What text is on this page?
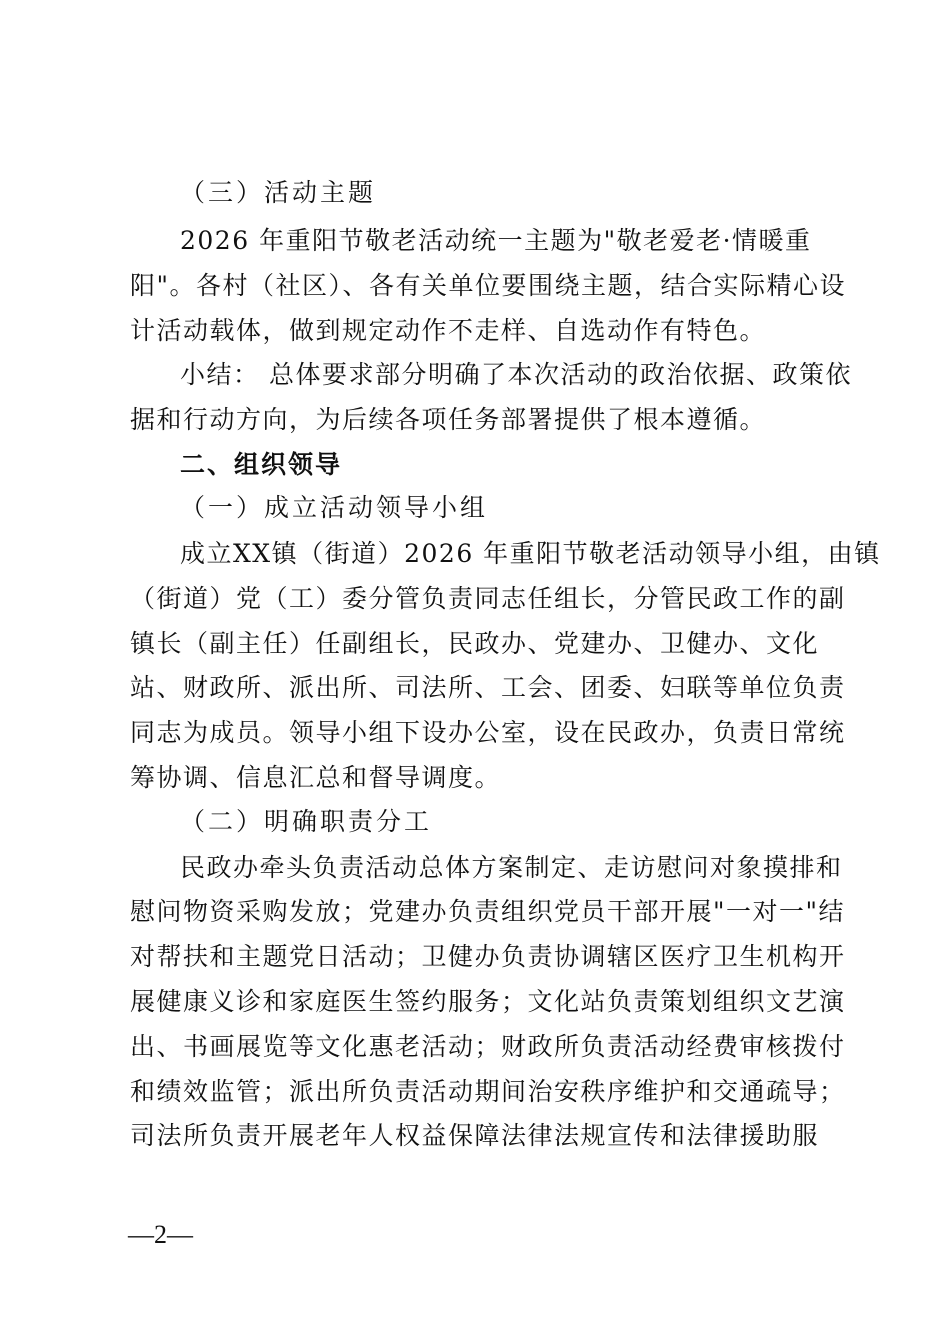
（三）活动主题

2026 年重阳节敬老活动统一主题为"敬老爱老·情暖重

阳"。各村（社区）、各有关单位要围绕主题，结合实际精心设

计活动载体，做到规定动作不走样、自选动作有特色。

小结： 总体要求部分明确了本次活动的政治依据、政策依

据和行动方向，为后续各项任务部署提供了根本遵循。

二、组织领导

（一）成立活动领导小组

成立XX镇（街道）2026 年重阳节敬老活动领导小组，由镇

（街道）党（工）委分管负责同志任组长，分管民政工作的副

镇长（副主任）任副组长，民政办、党建办、卫健办、文化

站、财政所、派出所、司法所、工会、团委、妇联等单位负责

同志为成员。领导小组下设办公室，设在民政办，负责日常统

筹协调、信息汇总和督导调度。

（二）明确职责分工

民政办牵头负责活动总体方案制定、走访慰问对象摸排和

慰问物资采购发放；党建办负责组织党员干部开展"一对一"结

对帮扶和主题党日活动；卫健办负责协调辖区医疗卫生机构开

展健康义诊和家庭医生签约服务；文化站负责策划组织文艺演

出、书画展览等文化惠老活动；财政所负责活动经费审核拨付

和绩效监管；派出所负责活动期间治安秩序维护和交通疏导；

司法所负责开展老年人权益保障法律法规宣传和法律援助服

—2—
